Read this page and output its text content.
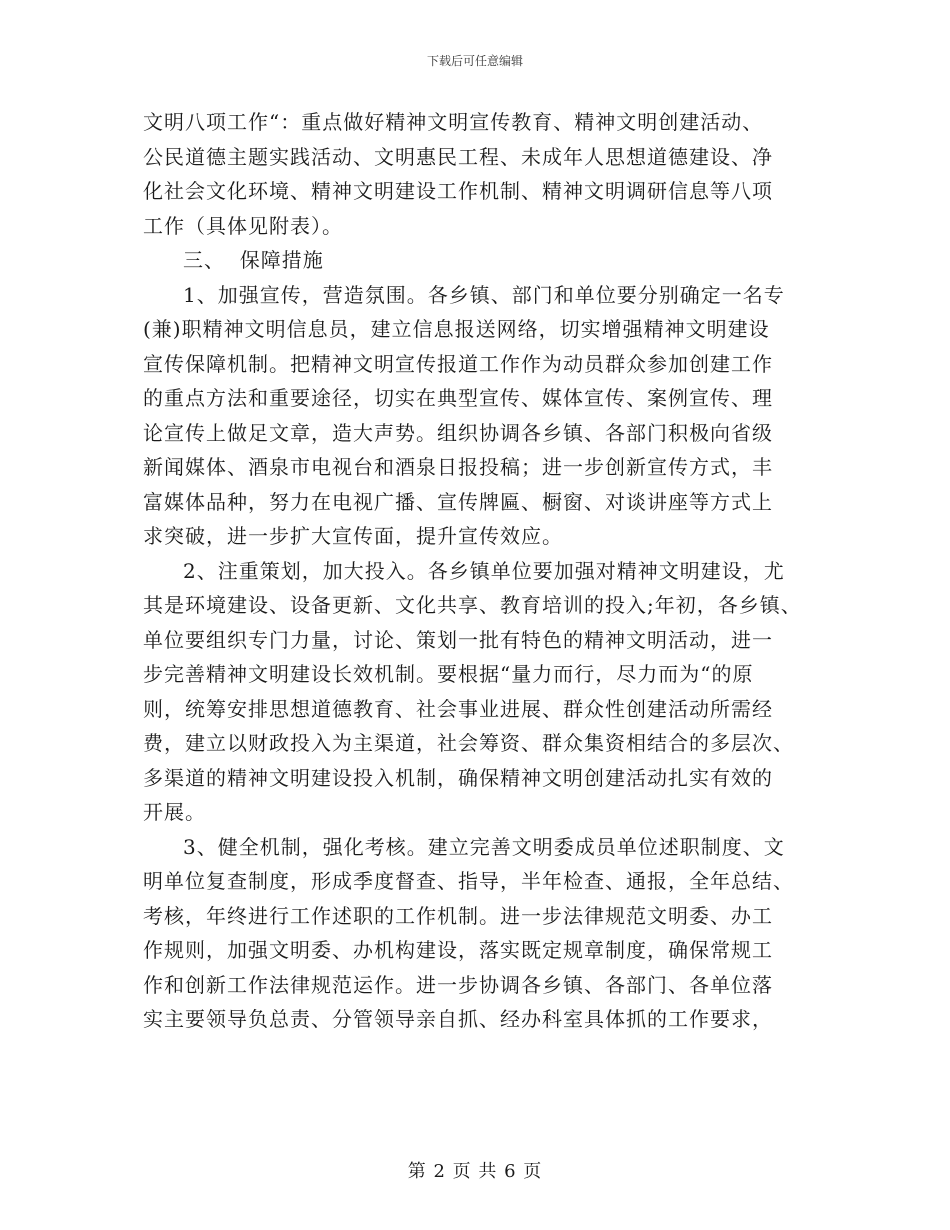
下载后可任意编辑
文明八项工作“：重点做好精神文明宣传教育、精神文明创建活动、
公民道德主题实践活动、文明惠民工程、未成年人思想道德建设、净
化社会文化环境、精神文明建设工作机制、精神文明调研信息等八项
工作（具体见附表）。
三、  保障措施
1、加强宣传，营造氛围。各乡镇、部门和单位要分别确定一名专
(兼)职精神文明信息员，建立信息报送网络，切实增强精神文明建设
宣传保障机制。把精神文明宣传报道工作作为动员群众参加创建工作
的重点方法和重要途径，切实在典型宣传、媒体宣传、案例宣传、理
论宣传上做足文章，造大声势。组织协调各乡镇、各部门积极向省级
新闻媒体、酒泉市电视台和酒泉日报投稿；进一步创新宣传方式，丰
富媒体品种，努力在电视广播、宣传牌匾、橱窗、对谈讲座等方式上
求突破，进一步扩大宣传面，提升宣传效应。
2、注重策划，加大投入。各乡镇单位要加强对精神文明建设，尤
其是环境建设、设备更新、文化共享、教育培训的投入;年初，各乡镇、
单位要组织专门力量，讨论、策划一批有特色的精神文明活动，进一
步完善精神文明建设长效机制。要根据“量力而行，尽力而为“的原
则，统筹安排思想道德教育、社会事业进展、群众性创建活动所需经
费，建立以财政投入为主渠道，社会筹资、群众集资相结合的多层次、
多渠道的精神文明建设投入机制，确保精神文明创建活动扎实有效的
开展。
3、健全机制，强化考核。建立完善文明委成员单位述职制度、文
明单位复查制度，形成季度督查、指导，半年检查、通报，全年总结、
考核，年终进行工作述职的工作机制。进一步法律规范文明委、办工
作规则，加强文明委、办机构建设，落实既定规章制度，确保常规工
作和创新工作法律规范运作。进一步协调各乡镇、各部门、各单位落
实主要领导负总责、分管领导亲自抓、经办科室具体抓的工作要求，
第 2 页 共 6 页
